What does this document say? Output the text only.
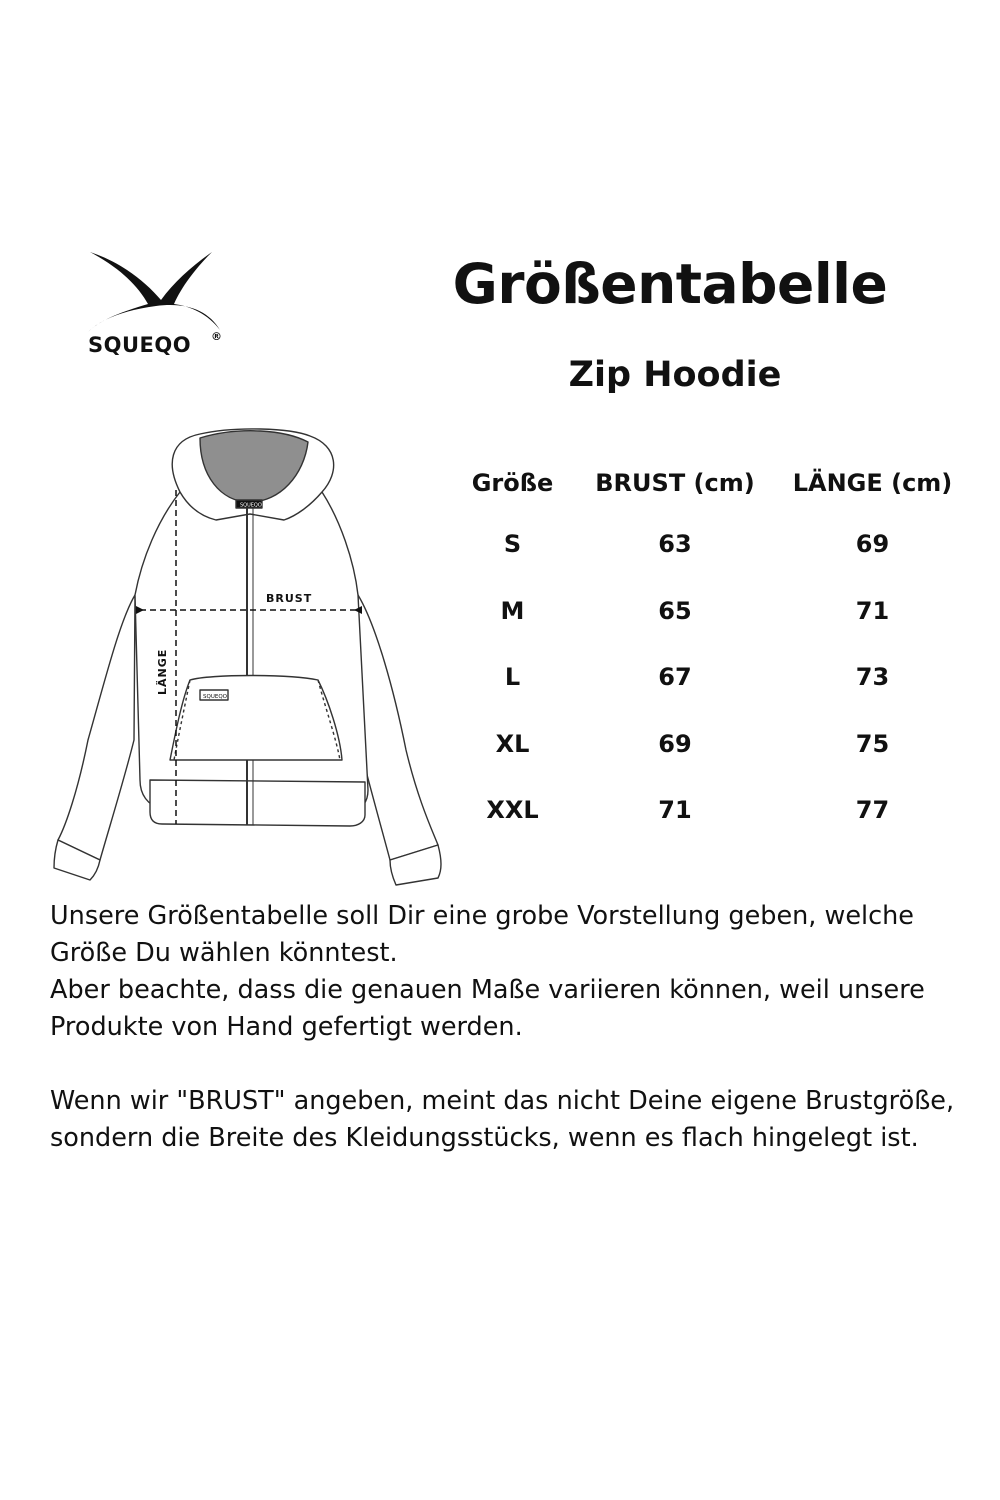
SQUEQO ®
Größentabelle
Zip Hoodie
BRUST
LÄNGE
SQUEQO
SQUEQO
Größe	BRUST (cm)	LÄNGE (cm)
S	63	69
M	65	71
L	67	73
XL	69	75
XXL	71	77

Unsere Größentabelle soll Dir eine grobe Vorstellung geben, welche Größe Du wählen könntest.

Aber beachte, dass die genauen Maße variieren können, weil unsere Produkte von Hand gefertigt werden.

Wenn wir "BRUST" angeben, meint das nicht Deine eigene Brustgröße, sondern die Breite des Kleidungsstücks, wenn es flach hingelegt ist.
